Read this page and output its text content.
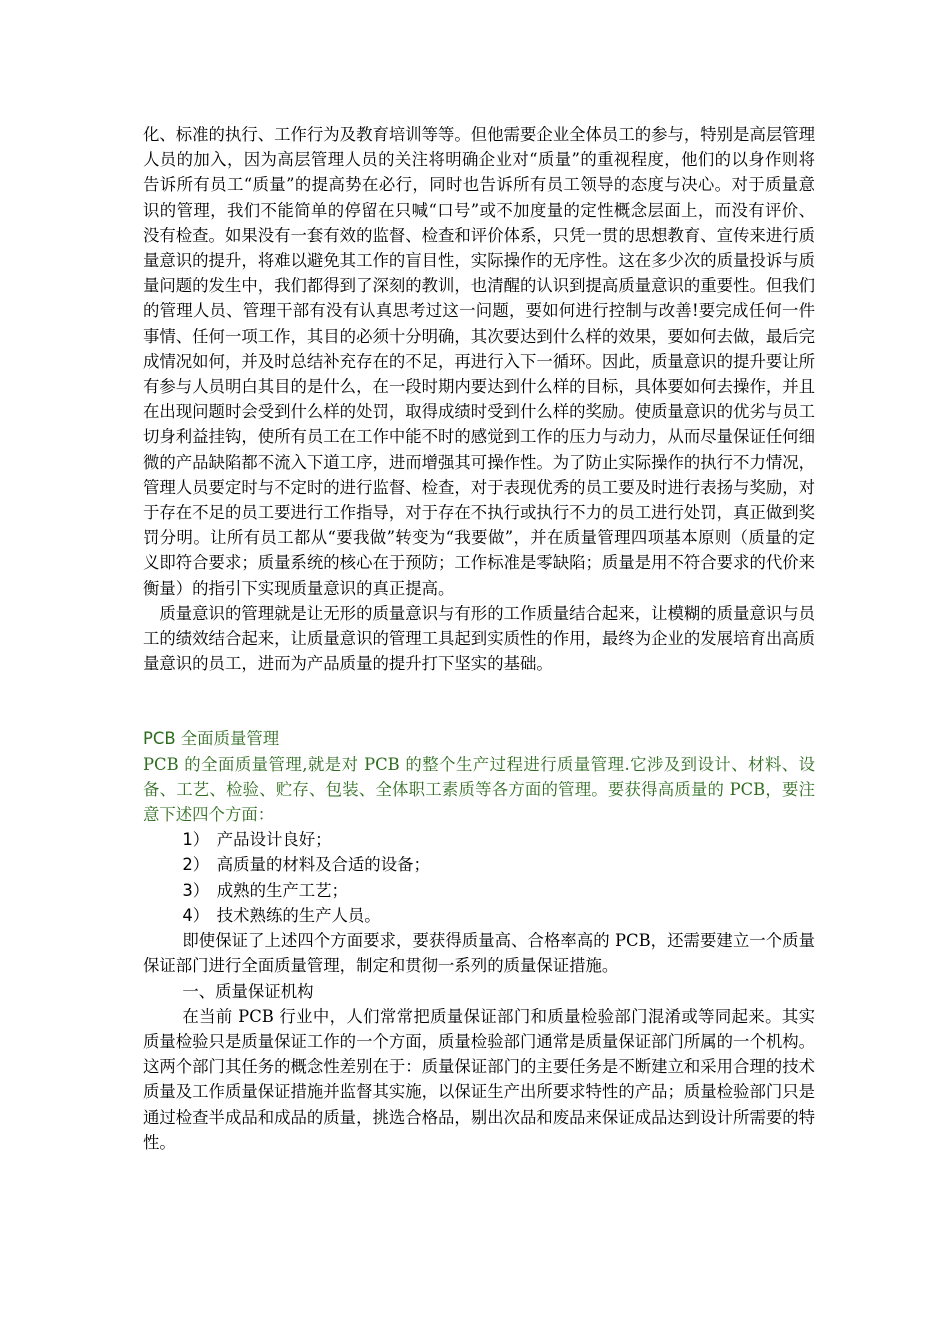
化、标准的执行、工作行为及教育培训等等。但他需要企业全体员工的参与，特别是高层管理人员的加入，因为高层管理人员的关注将明确企业对“质量”的重视程度，他们的以身作则将告诉所有员工“质量”的提高势在必行，同时也告诉所有员工领导的态度与决心。对于质量意识的管理，我们不能简单的停留在只喊“口号”或不加度量的定性概念层面上，而没有评价、没有检查。如果没有一套有效的监督、检查和评价体系，只凭一贯的思想教育、宣传来进行质量意识的提升，将难以避免其工作的盲目性，实际操作的无序性。这在多少次的质量投诉与质量问题的发生中，我们都得到了深刻的教训，也清醒的认识到提高质量意识的重要性。但我们的管理人员、管理干部有没有认真思考过这一问题，要如何进行控制与改善!要完成任何一件事情、任何一项工作，其目的必须十分明确，其次要达到什么样的效果，要如何去做，最后完成情况如何，并及时总结补充存在的不足，再进行入下一循环。因此，质量意识的提升要让所有参与人员明白其目的是什么，在一段时期内要达到什么样的目标，具体要如何去操作，并且在出现问题时会受到什么样的处罚，取得成绩时受到什么样的奖励。使质量意识的优劣与员工切身利益挂钩，使所有员工在工作中能不时的感觉到工作的压力与动力，从而尽量保证任何细微的产品缺陷都不流入下道工序，进而增强其可操作性。为了防止实际操作的执行不力情况，管理人员要定时与不定时的进行监督、检查，对于表现优秀的员工要及时进行表扬与奖励，对于存在不足的员工要进行工作指导，对于存在不执行或执行不力的员工进行处罚，真正做到奖罚分明。让所有员工都从“要我做”转变为“我要做”，并在质量管理四项基本原则（质量的定义即符合要求；质量系统的核心在于预防；工作标准是零缺陷；质量是用不符合要求的代价来衡量）的指引下实现质量意识的真正提高。

质量意识的管理就是让无形的质量意识与有形的工作质量结合起来，让模糊的质量意识与员工的绩效结合起来，让质量意识的管理工具起到实质性的作用，最终为企业的发展培育出高质量意识的员工，进而为产品质量的提升打下坚实的基础。

PCB 全面质量管理

PCB 的全面质量管理,就是对 PCB 的整个生产过程进行质量管理.它涉及到设计、材料、设备、工艺、检验、贮存、包装、全体职工素质等各方面的管理。要获得高质量的 PCB，要注意下述四个方面：

1） 产品设计良好；

2） 高质量的材料及合适的设备；

3） 成熟的生产工艺；

4） 技术熟练的生产人员。

即使保证了上述四个方面要求，要获得质量高、合格率高的 PCB，还需要建立一个质量保证部门进行全面质量管理，制定和贯彻一系列的质量保证措施。

一、质量保证机构

在当前 PCB 行业中，人们常常把质量保证部门和质量检验部门混淆或等同起来。其实质量检验只是质量保证工作的一个方面，质量检验部门通常是质量保证部门所属的一个机构。这两个部门其任务的概念性差别在于：质量保证部门的主要任务是不断建立和采用合理的技术质量及工作质量保证措施并监督其实施，以保证生产出所要求特性的产品；质量检验部门只是通过检查半成品和成品的质量，挑选合格品，剔出次品和废品来保证成品达到设计所需要的特性。
